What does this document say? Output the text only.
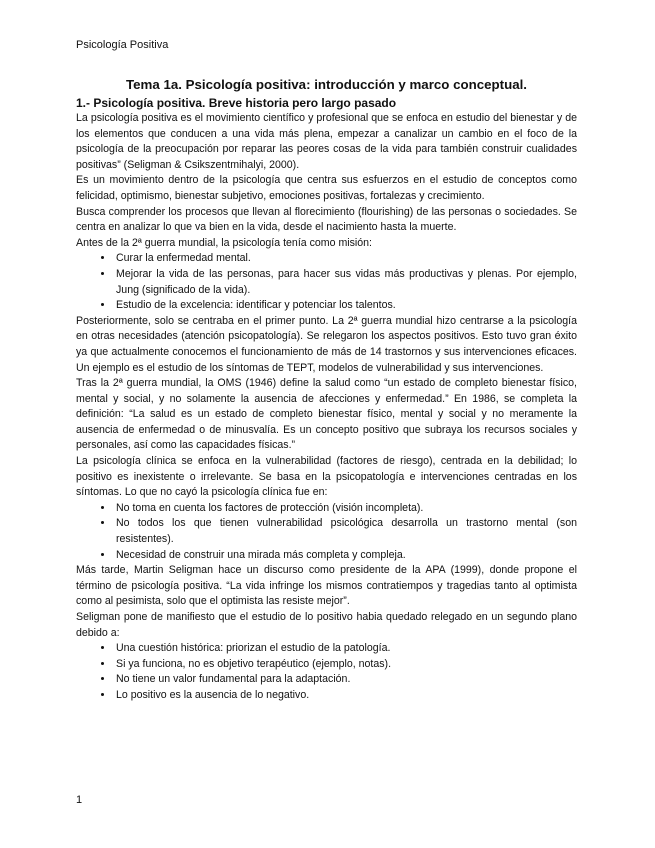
Psicología Positiva
Tema 1a. Psicología positiva: introducción y marco conceptual.
1.- Psicología positiva. Breve historia pero largo pasado

La psicología positiva es el movimiento científico y profesional que se enfoca en estudio del bienestar y de los elementos que conducen a una vida más plena, empezar a canalizar un cambio en el foco de la psicología de la preocupación por reparar las peores cosas de la vida para también construir cualidades positivas” (Seligman & Csikszentmihalyi, 2000).

Es un movimiento dentro de la psicología que centra sus esfuerzos en el estudio de conceptos como felicidad, optimismo, bienestar subjetivo, emociones positivas, fortalezas y crecimiento.

Busca comprender los procesos que llevan al florecimiento (flourishing) de las personas o sociedades. Se centra en analizar lo que va bien en la vida, desde el nacimiento hasta la muerte.

Antes de la 2ª guerra mundial, la psicología tenía como misión:

• Curar la enfermedad mental.
• Mejorar la vida de las personas, para hacer sus vidas más productivas y plenas. Por ejemplo, Jung (significado de la vida).
• Estudio de la excelencia: identificar y potenciar los talentos.

Posteriormente, solo se centraba en el primer punto. La 2ª guerra mundial hizo centrarse a la psicología en otras necesidades (atención psicopatología). Se relegaron los aspectos positivos. Esto tuvo gran éxito ya que actualmente conocemos el funcionamiento de más de 14 trastornos y sus intervenciones eficaces. Un ejemplo es el estudio de los síntomas de TEPT, modelos de vulnerabilidad y sus intervenciones.

Tras la 2ª guerra mundial, la OMS (1946) define la salud como “un estado de completo bienestar físico, mental y social, y no solamente la ausencia de afecciones y enfermedad.” En 1986, se completa la definición: “La salud es un estado de completo bienestar físico, mental y social y no meramente la ausencia de enfermedad o de minusvalía. Es un concepto positivo que subraya los recursos sociales y personales, así como las capacidades físicas.”

La psicología clínica se enfoca en la vulnerabilidad (factores de riesgo), centrada en la debilidad; lo positivo es inexistente o irrelevante. Se basa en la psicopatología e intervenciones centradas en los síntomas. Lo que no cayó la psicología clínica fue en:

• No toma en cuenta los factores de protección (visión incompleta).
• No todos los que tienen vulnerabilidad psicológica desarrolla un trastorno mental (son resistentes).
• Necesidad de construir una mirada más completa y compleja.

Más tarde, Martin Seligman hace un discurso como presidente de la APA (1999), donde propone el término de psicología positiva. “La vida infringe los mismos contratiempos y tragedias tanto al optimista como al pesimista, solo que el optimista las resiste mejor”.

Seligman pone de manifiesto que el estudio de lo positivo habia quedado relegado en un segundo plano debido a:

• Una cuestión histórica: priorizan el estudio de la patología.
• Si ya funciona, no es objetivo terapéutico (ejemplo, notas).
• No tiene un valor fundamental para la adaptación.
• Lo positivo es la ausencia de lo negativo.
1
